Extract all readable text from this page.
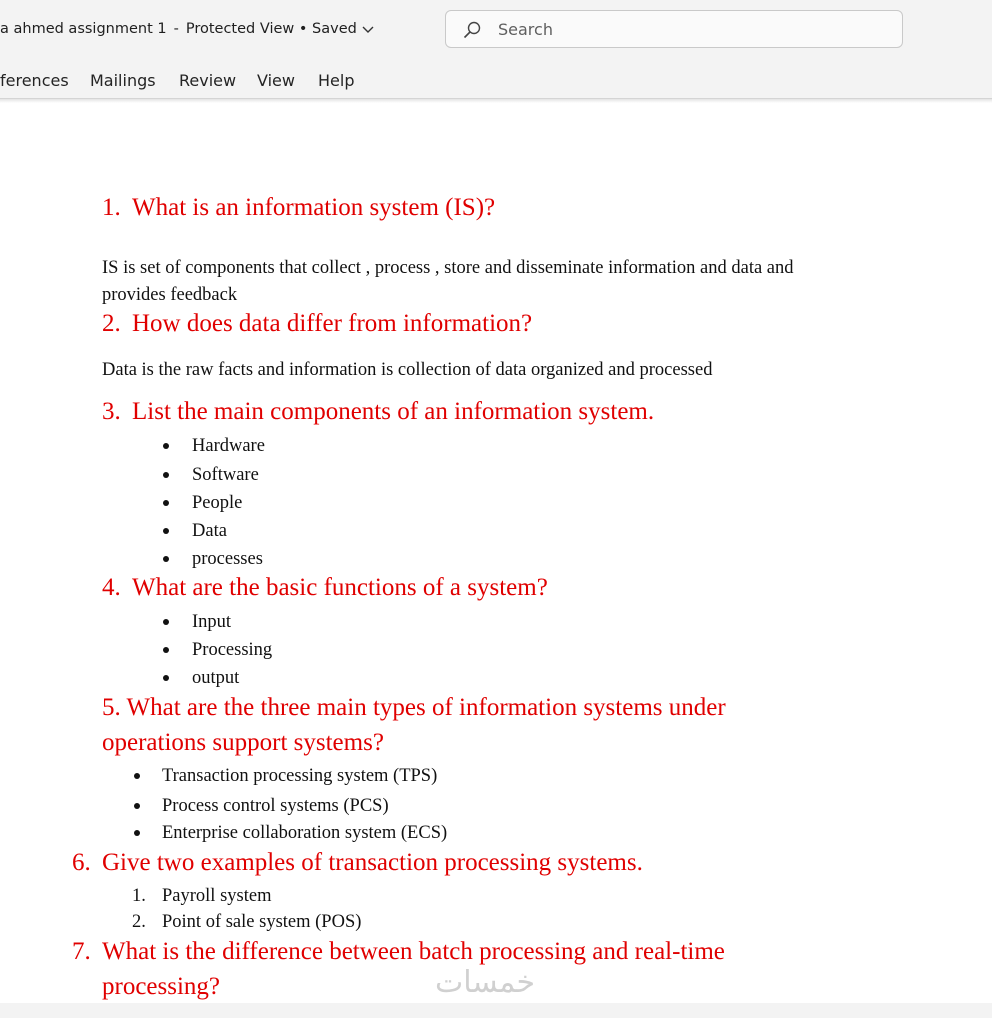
a ahmed assignment 1 - Protected View • Saved	Search
ferences Mailings Review View Help
1. What is an information system (IS)?
IS is set of components that collect , process , store and disseminate information and data and
provides feedback
2. How does data differ from information?
Data is the raw facts and information is collection of data organized and processed
3. List the main components of an information system.
Hardware
Software
People
Data
processes
4. What are the basic functions of a system?
Input
Processing
output
5. What are the three main types of information systems under
operations support systems?
Transaction processing system (TPS)
Process control systems (PCS)
Enterprise collaboration system (ECS)
6. Give two examples of transaction processing systems.
1. Payroll system
2. Point of sale system (POS)
7. What is the difference between batch processing and real-time
processing?	خمسات
